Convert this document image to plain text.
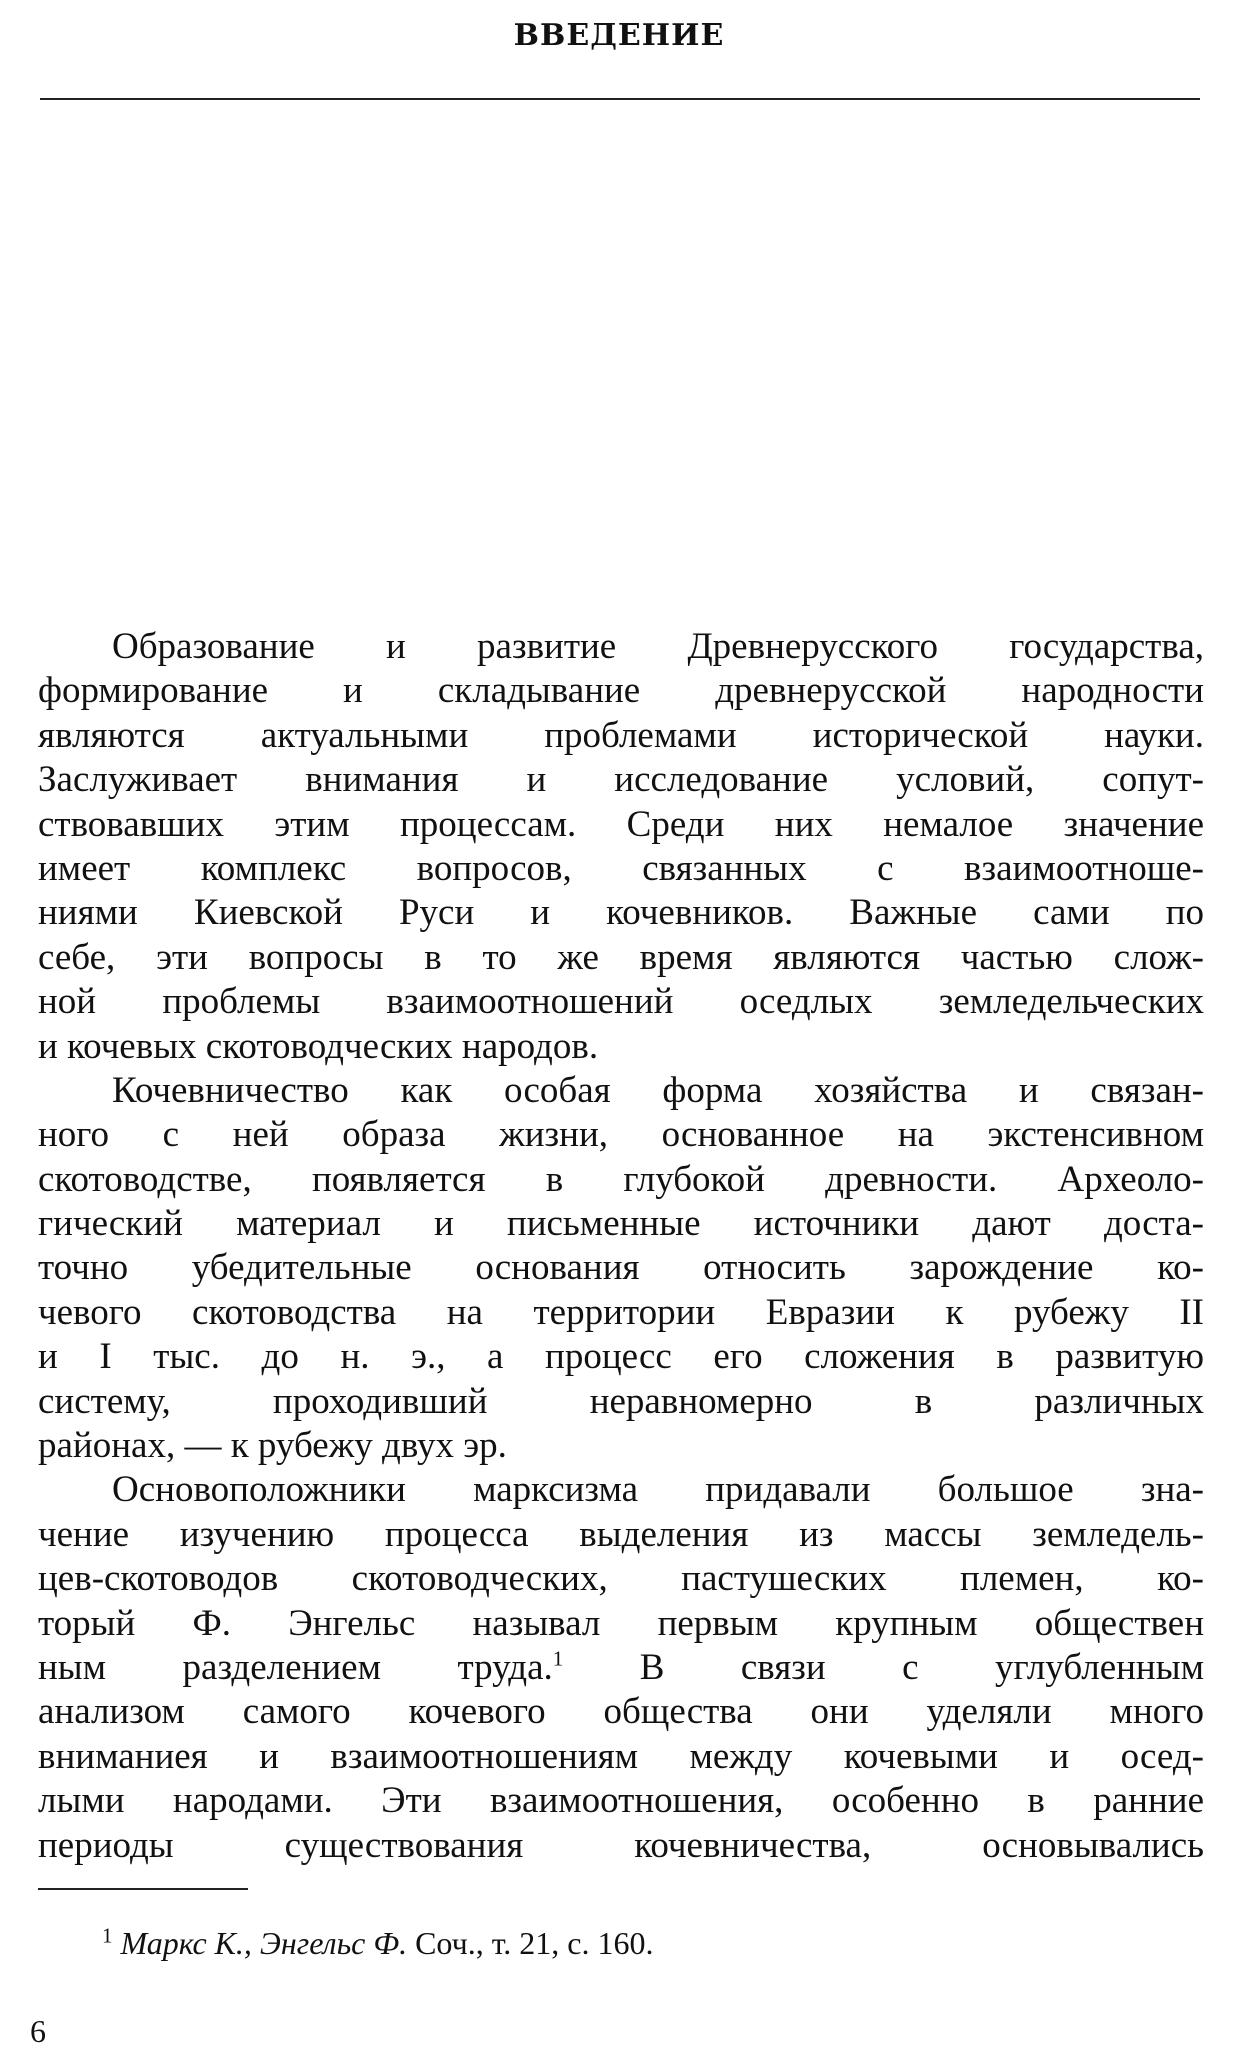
ВВЕДЕНИЕ
Образование и развитие Древнерусского государства,
формирование и складывание древнерусской народности
являются актуальными проблемами исторической науки.
Заслуживает внимания и исследование условий, сопут-
ствовавших этим процессам. Среди них немалое значение
имеет комплекс вопросов, связанных с взаимоотноше-
ниями Киевской Руси и кочевников. Важные сами по
себе, эти вопросы в то же время являются частью слож-
ной проблемы взаимоотношений оседлых земледельческих
и кочевых скотоводческих народов.
Кочевничество как особая форма хозяйства и связан-
ного с ней образа жизни, основанное на экстенсивном
скотоводстве, появляется в глубокой древности. Археоло-
гический материал и письменные источники дают доста-
точно убедительные основания относить зарождение ко-
чевого скотоводства на территории Евразии к рубежу II
и I тыс. до н. э., а процесс его сложения в развитую
систему, проходивший неравномерно в различных
районах, — к рубежу двух эр.
Основоположники марксизма придавали большое зна-
чение изучению процесса выделения из массы земледель-
цев-скотоводов скотоводческих, пастушеских племен, ко-
торый Ф. Энгельс называл первым крупным обществен
ным разделением труда.$^1$ В связи с углубленным
анализом самого кочевого общества они уделяли много
вниманиея и взаимоотношениям между кочевыми и осед-
лыми народами. Эти взаимоотношения, особенно в ранние
периоды существования кочевничества, основывались
$^1$ Маркс К., Энгельс Ф. Соч., т. 21, с. 160.
6
